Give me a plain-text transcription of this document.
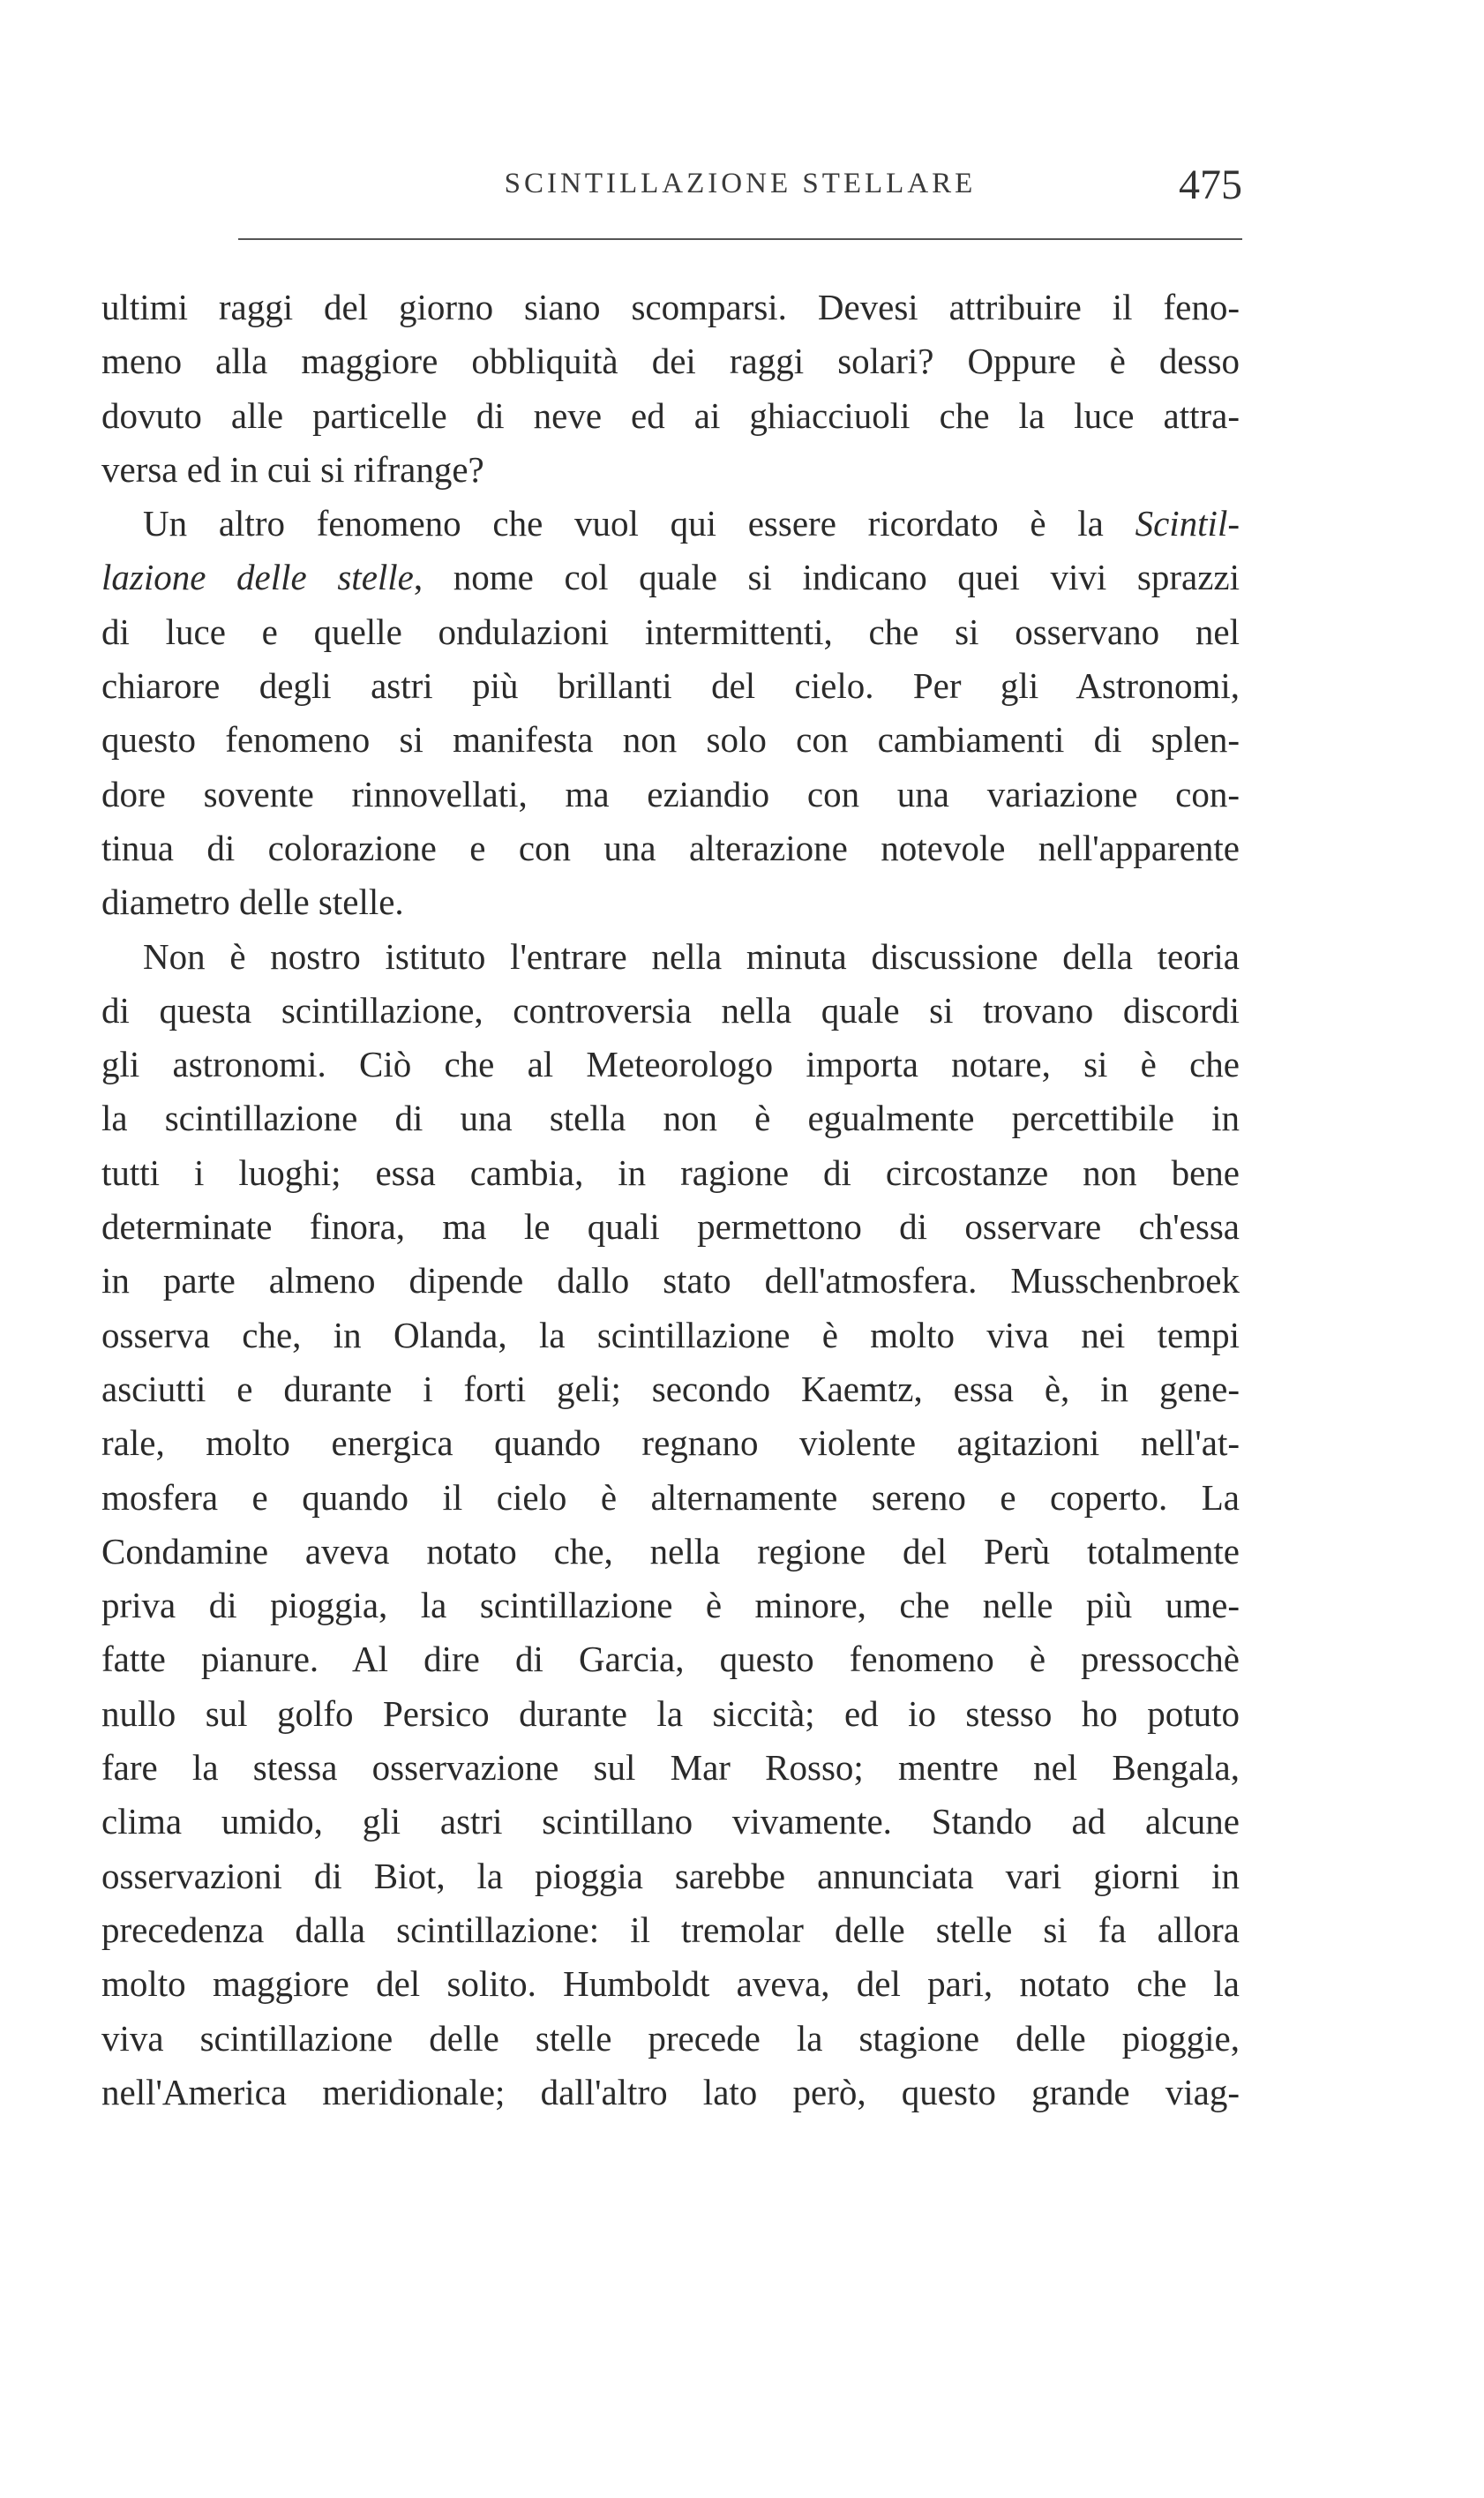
SCINTILLAZIONE STELLARE	475

ultimi raggi del giorno siano scomparsi. Devesi attribuire il feno-
meno alla maggiore obbliquità dei raggi solari? Oppure è desso
dovuto alle particelle di neve ed ai ghiacciuoli che la luce attra-
versa ed in cui si rifrange?

Un altro fenomeno che vuol qui essere ricordato è la Scintil-
lazione delle stelle, nome col quale si indicano quei vivi sprazzi
di luce e quelle ondulazioni intermittenti, che si osservano nel
chiarore degli astri più brillanti del cielo. Per gli Astronomi,
questo fenomeno si manifesta non solo con cambiamenti di splen-
dore sovente rinnovellati, ma eziandio con una variazione con-
tinua di colorazione e con una alterazione notevole nell'apparente
diametro delle stelle.

Non è nostro istituto l'entrare nella minuta discussione della teoria
di questa scintillazione, controversia nella quale si trovano discordi
gli astronomi. Ciò che al Meteorologo importa notare, si è che
la scintillazione di una stella non è egualmente percettibile in
tutti i luoghi; essa cambia, in ragione di circostanze non bene
determinate finora, ma le quali permettono di osservare ch'essa
in parte almeno dipende dallo stato dell'atmosfera. Musschenbroek
osserva che, in Olanda, la scintillazione è molto viva nei tempi
asciutti e durante i forti geli; secondo Kaemtz, essa è, in gene-
rale, molto energica quando regnano violente agitazioni nell'at-
mosfera e quando il cielo è alternamente sereno e coperto. La
Condamine aveva notato che, nella regione del Perù totalmente
priva di pioggia, la scintillazione è minore, che nelle più ume-
fatte pianure. Al dire di Garcia, questo fenomeno è pressocchè
nullo sul golfo Persico durante la siccità; ed io stesso ho potuto
fare la stessa osservazione sul Mar Rosso; mentre nel Bengala,
clima umido, gli astri scintillano vivamente. Stando ad alcune
osservazioni di Biot, la pioggia sarebbe annunciata vari giorni in
precedenza dalla scintillazione: il tremolar delle stelle si fa allora
molto maggiore del solito. Humboldt aveva, del pari, notato che la
viva scintillazione delle stelle precede la stagione delle pioggie,
nell'America meridionale; dall'altro lato però, questo grande viag-
